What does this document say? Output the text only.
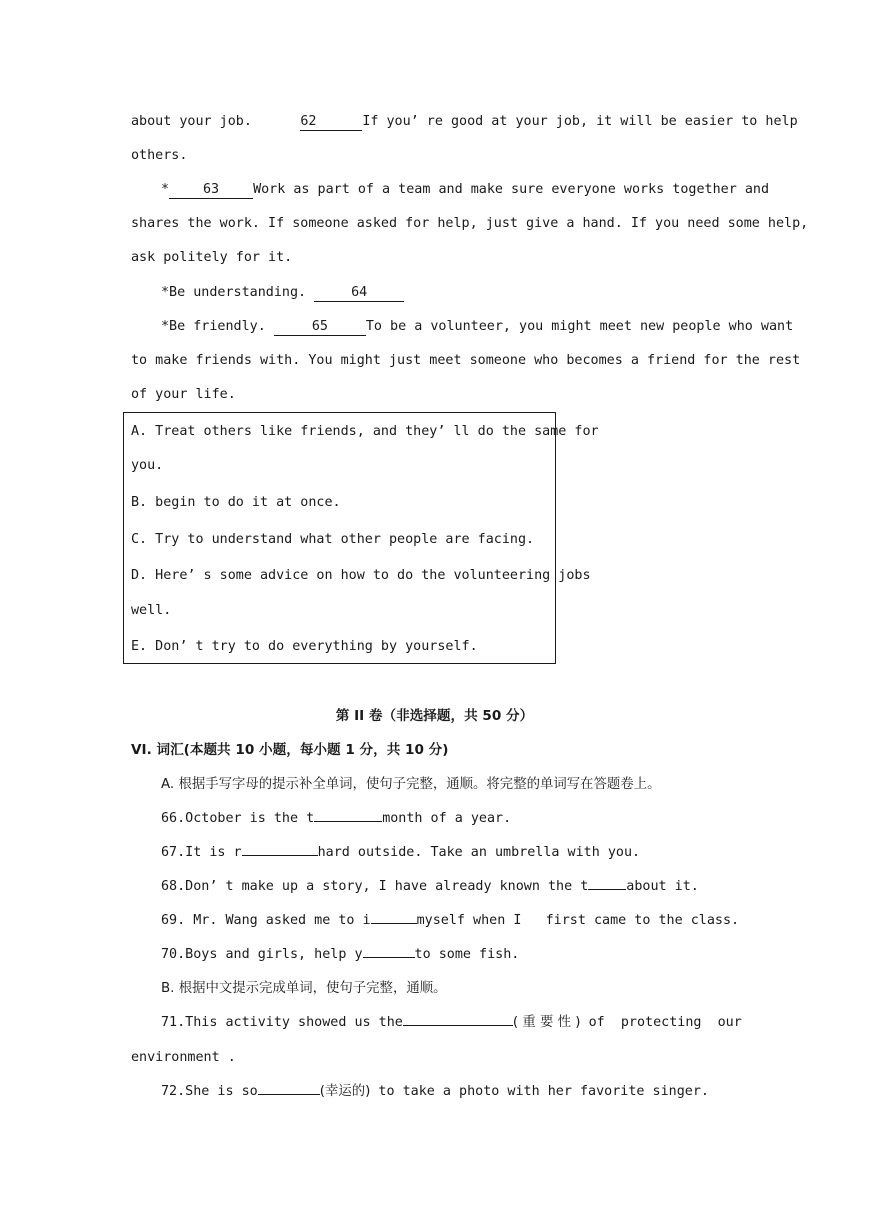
about your job.      62	If you’ re good at your job, it will be easier to help
others.
*	63	Work as part of a team and make sure everyone works together and
shares the work. If someone asked for help, just give a hand. If you need some help,
ask politely for it.
*Be understanding.	64
*Be friendly.	65	To be a volunteer, you might meet new people who want
to make friends with. You might just meet someone who becomes a friend for the rest
of your life.
A. Treat others like friends, and they’ ll do the same for
you.
B. begin to do it at once.
C. Try to understand what other people are facing.
D. Here’ s some advice on how to do the volunteering jobs
well.
E. Don’ t try to do everything by yourself.
第 II 卷（非选择题，共 50 分）
VI. 词汇(本题共 10 小题，每小题 1 分，共 10 分)
A. 根据手写字母的提示补全单词，使句子完整，通顺。将完整的单词写在答题卷上。
66.October is the t	month of a year.
67.It is r	hard outside. Take an umbrella with you.
68.Don’ t make up a story, I have already known the t	about it.
69. Mr. Wang asked me to i	myself when I   first came to the class.
70.Boys and girls, help y	to some fish.
B. 根据中文提示完成单词，使句子完整，通顺。
71.This activity showed us the	( 重 要 性 ) of  protecting  our
environment .
72.She is so	(幸运的) to take a photo with her favorite singer.
